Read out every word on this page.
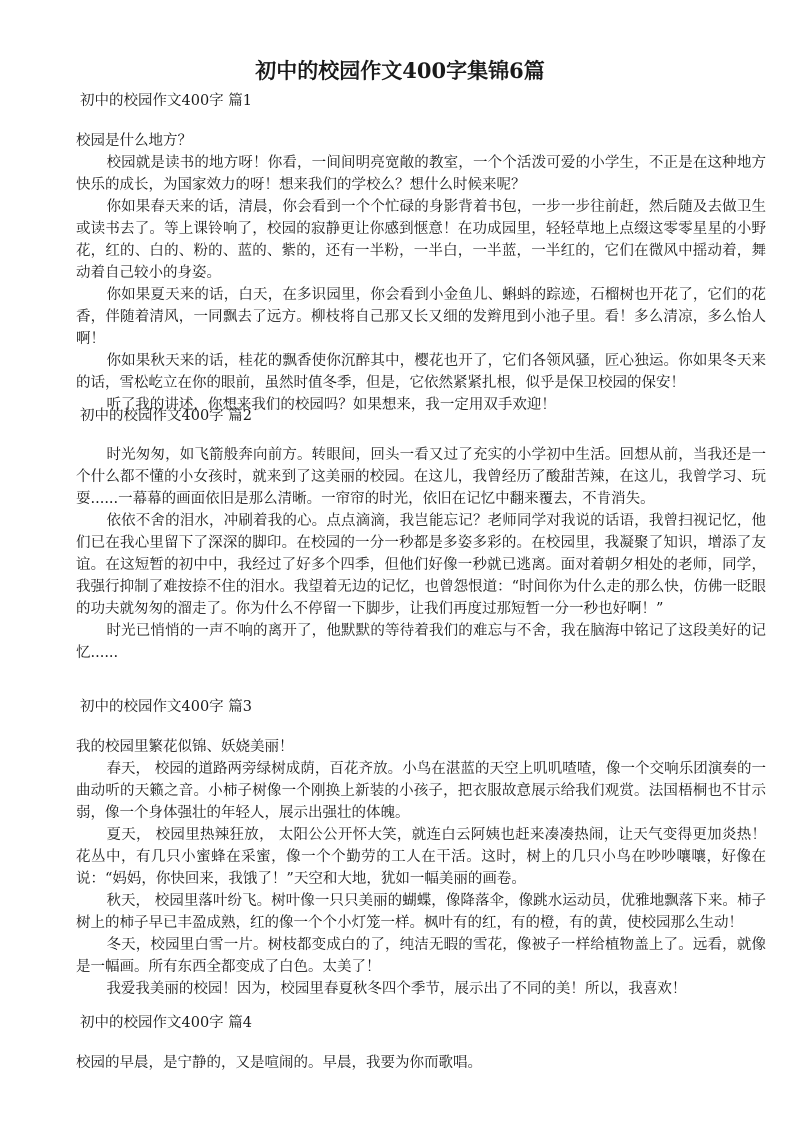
初中的校园作文400字集锦6篇
初中的校园作文400字 篇1

校园是什么地方？

校园就是读书的地方呀！你看，一间间明亮宽敞的教室，一个个活泼可爱的小学生，不正是在这种地方快乐的成长，为国家效力的呀！想来我们的学校么？想什么时候来呢？

你如果春天来的话，清晨，你会看到一个个忙碌的身影背着书包，一步一步往前赶，然后随及去做卫生或读书去了。等上课铃响了，校园的寂静更让你感到惬意！在功成园里，轻轻草地上点缀这零零星星的小野花，红的、白的、粉的、蓝的、紫的，还有一半粉，一半白，一半蓝，一半红的，它们在微风中摇动着，舞动着自己较小的身姿。

你如果夏天来的话，白天，在多识园里，你会看到小金鱼儿、蝌蚪的踪迹，石榴树也开花了，它们的花香，伴随着清风，一同飘去了远方。柳枝将自己那又长又细的发辫甩到小池子里。看！多么清凉，多么怡人啊！

你如果秋天来的话，桂花的飘香使你沉醉其中，樱花也开了，它们各领风骚，匠心独运。你如果冬天来的话，雪松屹立在你的眼前，虽然时值冬季，但是，它依然紧紧扎根，似乎是保卫校园的保安！

听了我的讲述，你想来我们的校园吗？如果想来，我一定用双手欢迎！

初中的校园作文400字 篇2

时光匆匆，如飞箭般奔向前方。转眼间，回头一看又过了充实的小学初中生活。回想从前，当我还是一个什么都不懂的小女孩时，就来到了这美丽的校园。在这儿，我曾经历了酸甜苦辣，在这儿，我曾学习、玩耍......一幕幕的画面依旧是那么清晰。一帘帘的时光，依旧在记忆中翻来覆去，不肯消失。

依依不舍的泪水，冲刷着我的心。点点滴滴，我岂能忘记？老师同学对我说的话语，我曾扫视记忆，他们已在我心里留下了深深的脚印。在校园的一分一秒都是多姿多彩的。在校园里，我凝聚了知识，增添了友谊。在这短暂的初中中，我经过了好多个四季，但他们好像一秒就已逃离。面对着朝夕相处的老师，同学，我强行抑制了难按捺不住的泪水。我望着无边的记忆，也曾怨恨道：“时间你为什么走的那么快，仿佛一眨眼的功夫就匆匆的溜走了。你为什么不停留一下脚步，让我们再度过那短暂一分一秒也好啊！”

时光已悄悄的一声不响的离开了，他默默的等待着我们的难忘与不舍，我在脑海中铭记了这段美好的记忆......

初中的校园作文400字 篇3

我的校园里繁花似锦、妖娆美丽！

春天， 校园的道路两旁绿树成荫，百花齐放。小鸟在湛蓝的天空上叽叽喳喳，像一个交响乐团演奏的一曲动听的天籁之音。小柿子树像一个刚换上新装的小孩子，把衣服故意展示给我们观赏。法国梧桐也不甘示弱，像一个身体强壮的年轻人，展示出强壮的体魄。

夏天， 校园里热辣狂放， 太阳公公开怀大笑，就连白云阿姨也赶来凑凑热闹，让天气变得更加炎热！花丛中，有几只小蜜蜂在采蜜，像一个个勤劳的工人在干活。这时，树上的几只小鸟在吵吵嚷嚷，好像在说：“妈妈，你快回来，我饿了！”天空和大地，犹如一幅美丽的画卷。

秋天， 校园里落叶纷飞。树叶像一只只美丽的蝴蝶，像降落伞，像跳水运动员，优雅地飘落下来。柿子树上的柿子早已丰盈成熟，红的像一个个小灯笼一样。枫叶有的红，有的橙，有的黄，使校园那么生动！

冬天，校园里白雪一片。树枝都变成白的了，纯洁无暇的雪花，像被子一样给植物盖上了。远看，就像是一幅画。所有东西全都变成了白色。太美了！

我爱我美丽的校园！因为，校园里春夏秋冬四个季节，展示出了不同的美！所以，我喜欢！

初中的校园作文400字 篇4

校园的早晨，是宁静的，又是喧闹的。早晨，我要为你而歌唱。
